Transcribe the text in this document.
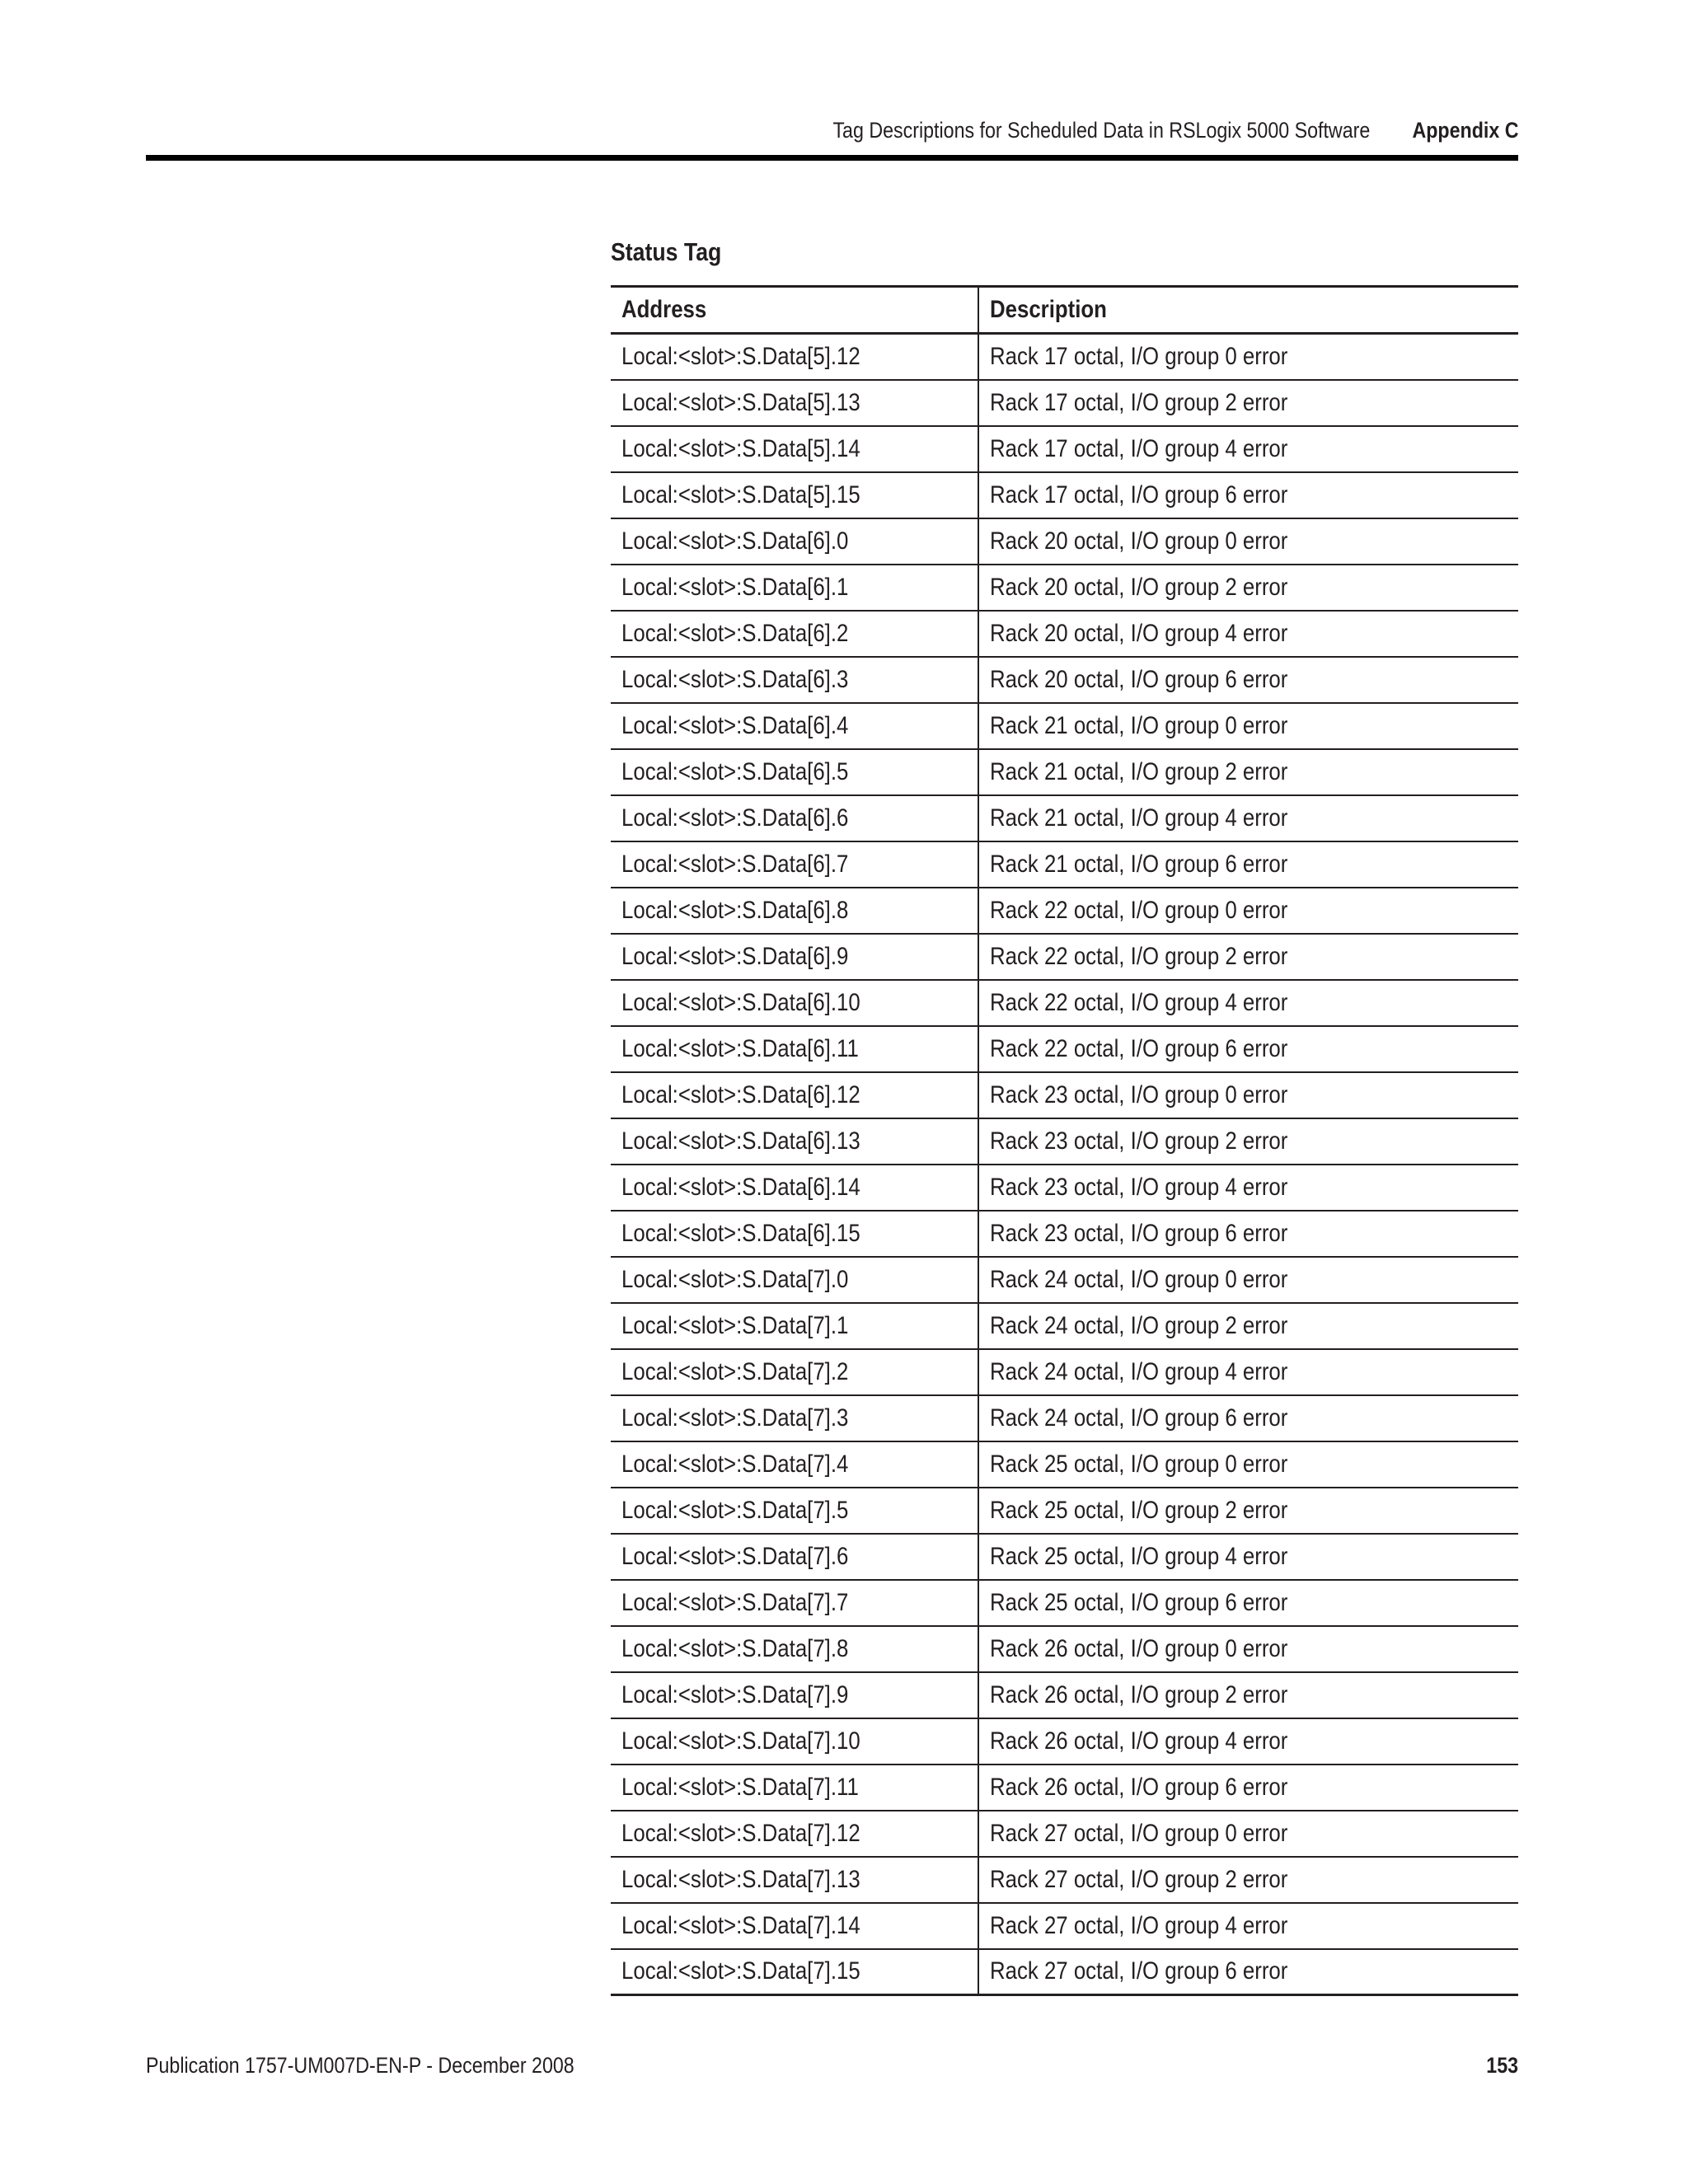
Tag Descriptions for Scheduled Data in RSLogix 5000 Software Appendix C
Status Tag
Address	Description
Local:<slot>:S.Data[5].12	Rack 17 octal, I/O group 0 error
Local:<slot>:S.Data[5].13	Rack 17 octal, I/O group 2 error
Local:<slot>:S.Data[5].14	Rack 17 octal, I/O group 4 error
Local:<slot>:S.Data[5].15	Rack 17 octal, I/O group 6 error
Local:<slot>:S.Data[6].0	Rack 20 octal, I/O group 0 error
Local:<slot>:S.Data[6].1	Rack 20 octal, I/O group 2 error
Local:<slot>:S.Data[6].2	Rack 20 octal, I/O group 4 error
Local:<slot>:S.Data[6].3	Rack 20 octal, I/O group 6 error
Local:<slot>:S.Data[6].4	Rack 21 octal, I/O group 0 error
Local:<slot>:S.Data[6].5	Rack 21 octal, I/O group 2 error
Local:<slot>:S.Data[6].6	Rack 21 octal, I/O group 4 error
Local:<slot>:S.Data[6].7	Rack 21 octal, I/O group 6 error
Local:<slot>:S.Data[6].8	Rack 22 octal, I/O group 0 error
Local:<slot>:S.Data[6].9	Rack 22 octal, I/O group 2 error
Local:<slot>:S.Data[6].10	Rack 22 octal, I/O group 4 error
Local:<slot>:S.Data[6].11	Rack 22 octal, I/O group 6 error
Local:<slot>:S.Data[6].12	Rack 23 octal, I/O group 0 error
Local:<slot>:S.Data[6].13	Rack 23 octal, I/O group 2 error
Local:<slot>:S.Data[6].14	Rack 23 octal, I/O group 4 error
Local:<slot>:S.Data[6].15	Rack 23 octal, I/O group 6 error
Local:<slot>:S.Data[7].0	Rack 24 octal, I/O group 0 error
Local:<slot>:S.Data[7].1	Rack 24 octal, I/O group 2 error
Local:<slot>:S.Data[7].2	Rack 24 octal, I/O group 4 error
Local:<slot>:S.Data[7].3	Rack 24 octal, I/O group 6 error
Local:<slot>:S.Data[7].4	Rack 25 octal, I/O group 0 error
Local:<slot>:S.Data[7].5	Rack 25 octal, I/O group 2 error
Local:<slot>:S.Data[7].6	Rack 25 octal, I/O group 4 error
Local:<slot>:S.Data[7].7	Rack 25 octal, I/O group 6 error
Local:<slot>:S.Data[7].8	Rack 26 octal, I/O group 0 error
Local:<slot>:S.Data[7].9	Rack 26 octal, I/O group 2 error
Local:<slot>:S.Data[7].10	Rack 26 octal, I/O group 4 error
Local:<slot>:S.Data[7].11	Rack 26 octal, I/O group 6 error
Local:<slot>:S.Data[7].12	Rack 27 octal, I/O group 0 error
Local:<slot>:S.Data[7].13	Rack 27 octal, I/O group 2 error
Local:<slot>:S.Data[7].14	Rack 27 octal, I/O group 4 error
Local:<slot>:S.Data[7].15	Rack 27 octal, I/O group 6 error
Publication 1757-UM007D-EN-P - December 2008	153
